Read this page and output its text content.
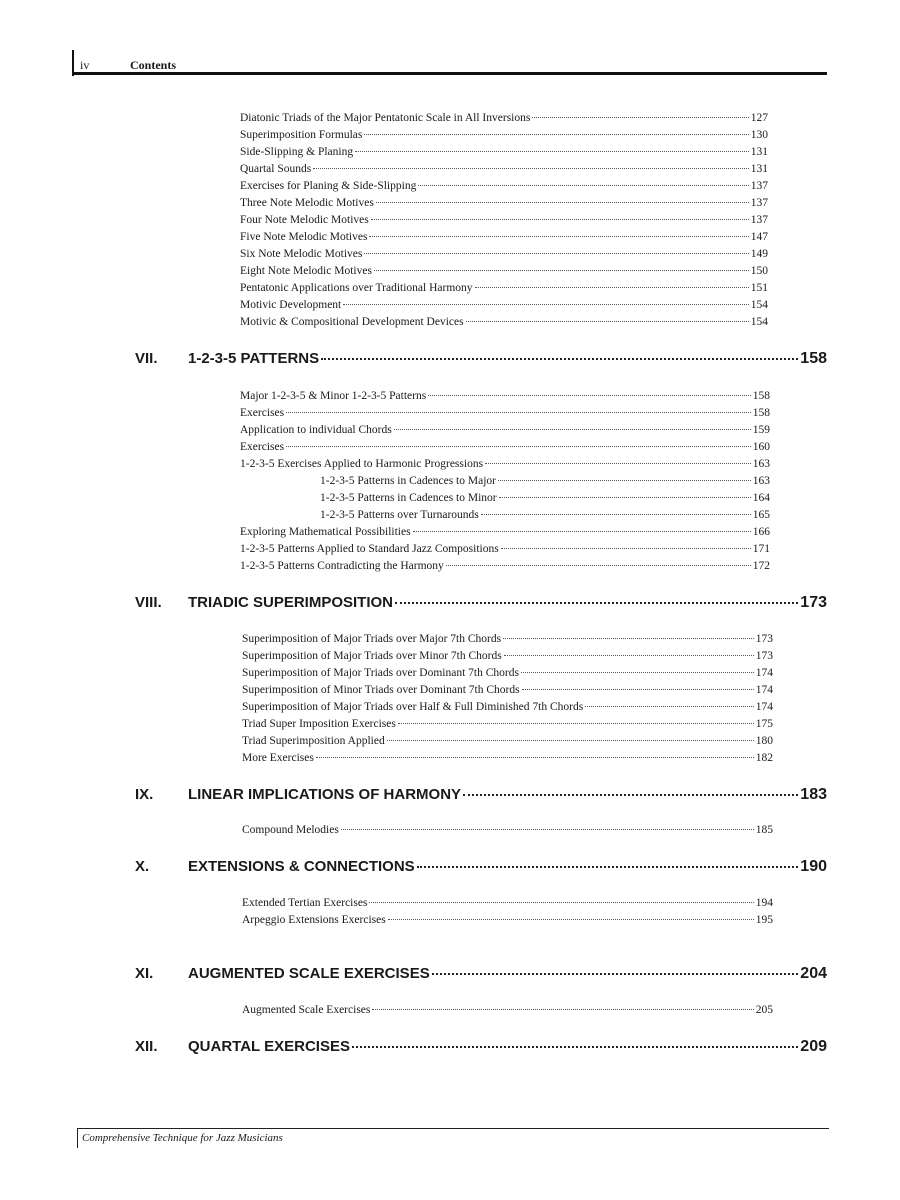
iv	Contents
Diatonic Triads of the Major Pentatonic Scale in All Inversions	127
Superimposition Formulas	130
Side-Slipping & Planing	131
Quartal Sounds	131
Exercises for Planing & Side-Slipping	137
Three Note Melodic Motives	137
Four Note Melodic Motives	137
Five Note Melodic Motives	147
Six Note Melodic Motives	149
Eight Note Melodic Motives	150
Pentatonic Applications over Traditional Harmony	151
Motivic Development	154
Motivic & Compositional Development Devices	154
VII.	1-2-3-5 PATTERNS	158
Major 1-2-3-5 & Minor 1-2-3-5 Patterns	158
Exercises	158
Application to individual Chords	159
Exercises	160
1-2-3-5 Exercises Applied to Harmonic Progressions	163
1-2-3-5 Patterns in Cadences to Major	163
1-2-3-5 Patterns in Cadences to Minor	164
1-2-3-5 Patterns over Turnarounds	165
Exploring Mathematical Possibilities	166
1-2-3-5 Patterns Applied to Standard Jazz Compositions	171
1-2-3-5 Patterns Contradicting the Harmony	172
VIII.	TRIADIC SUPERIMPOSITION	173
Superimposition of Major Triads over Major 7th Chords	173
Superimposition of Major Triads over Minor 7th Chords	173
Superimposition of Major Triads over Dominant 7th Chords	174
Superimposition of Minor Triads over Dominant 7th Chords	174
Superimposition of Major Triads over Half & Full Diminished 7th Chords	174
Triad Super Imposition Exercises	175
Triad Superimposition Applied	180
More Exercises	182
IX.	LINEAR IMPLICATIONS OF HARMONY	183
Compound Melodies	185
X.	EXTENSIONS & CONNECTIONS	190
Extended Tertian Exercises	194
Arpeggio Extensions Exercises	195
XI.	AUGMENTED SCALE EXERCISES	204
Augmented Scale Exercises	205
XII.	QUARTAL EXERCISES	209
Comprehensive Technique for Jazz Musicians
